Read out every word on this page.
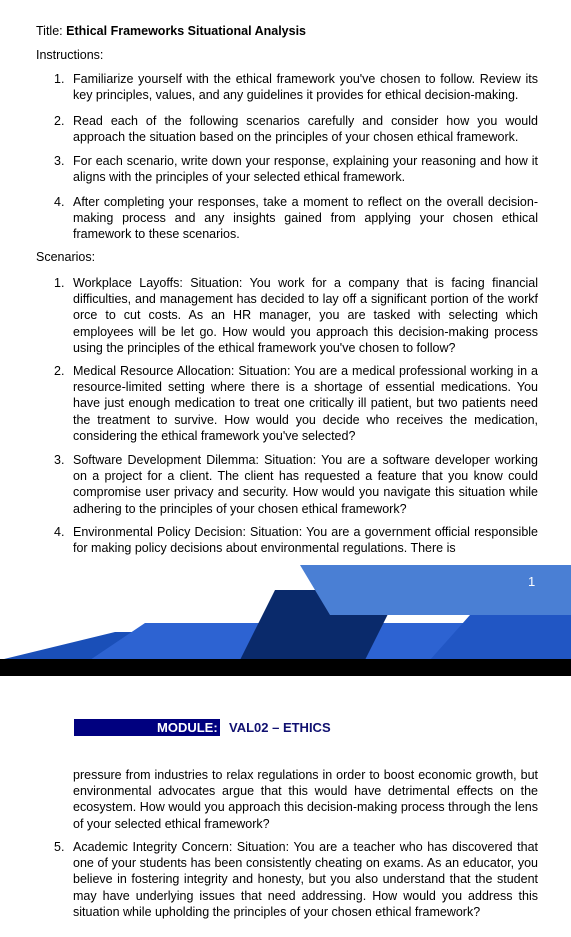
Title: Ethical Frameworks Situational Analysis
Instructions:
1. Familiarize yourself with the ethical framework you've chosen to follow. Review its key principles, values, and any guidelines it provides for ethical decision-making.
2. Read each of the following scenarios carefully and consider how you would approach the situation based on the principles of your chosen ethical framework.
3. For each scenario, write down your response, explaining your reasoning and how it aligns with the principles of your selected ethical framework.
4. After completing your responses, take a moment to reflect on the overall decision-making process and any insights gained from applying your chosen ethical framework to these scenarios.
Scenarios:
1. Workplace Layoffs: Situation: You work for a company that is facing financial difficulties, and management has decided to lay off a significant portion of the workf orce to cut costs. As an HR manager, you are tasked with selecting which employees will be let go. How would you approach this decision-making process using the principles of the ethical framework you've chosen to follow?
2. Medical Resource Allocation: Situation: You are a medical professional working in a resource-limited setting where there is a shortage of essential medications. You have just enough medication to treat one critically ill patient, but two patients need the treatment to survive. How would you decide who receives the medication, considering the ethical framework you've selected?
3. Software Development Dilemma: Situation: You are a software developer working on a project for a client. The client has requested a feature that you know could compromise user privacy and security. How would you navigate this situation while adhering to the principles of your chosen ethical framework?
4. Environmental Policy Decision: Situation: You are a government official responsible for making policy decisions about environmental regulations. There is
1
MODULE: VAL02 – ETHICS
pressure from industries to relax regulations in order to boost economic growth, but environmental advocates argue that this would have detrimental effects on the ecosystem. How would you approach this decision-making process through the lens of your selected ethical framework?
5. Academic Integrity Concern: Situation: You are a teacher who has discovered that one of your students has been consistently cheating on exams. As an educator, you believe in fostering integrity and honesty, but you also understand that the student may have underlying issues that need addressing. How would you address this situation while upholding the principles of your chosen ethical framework?
